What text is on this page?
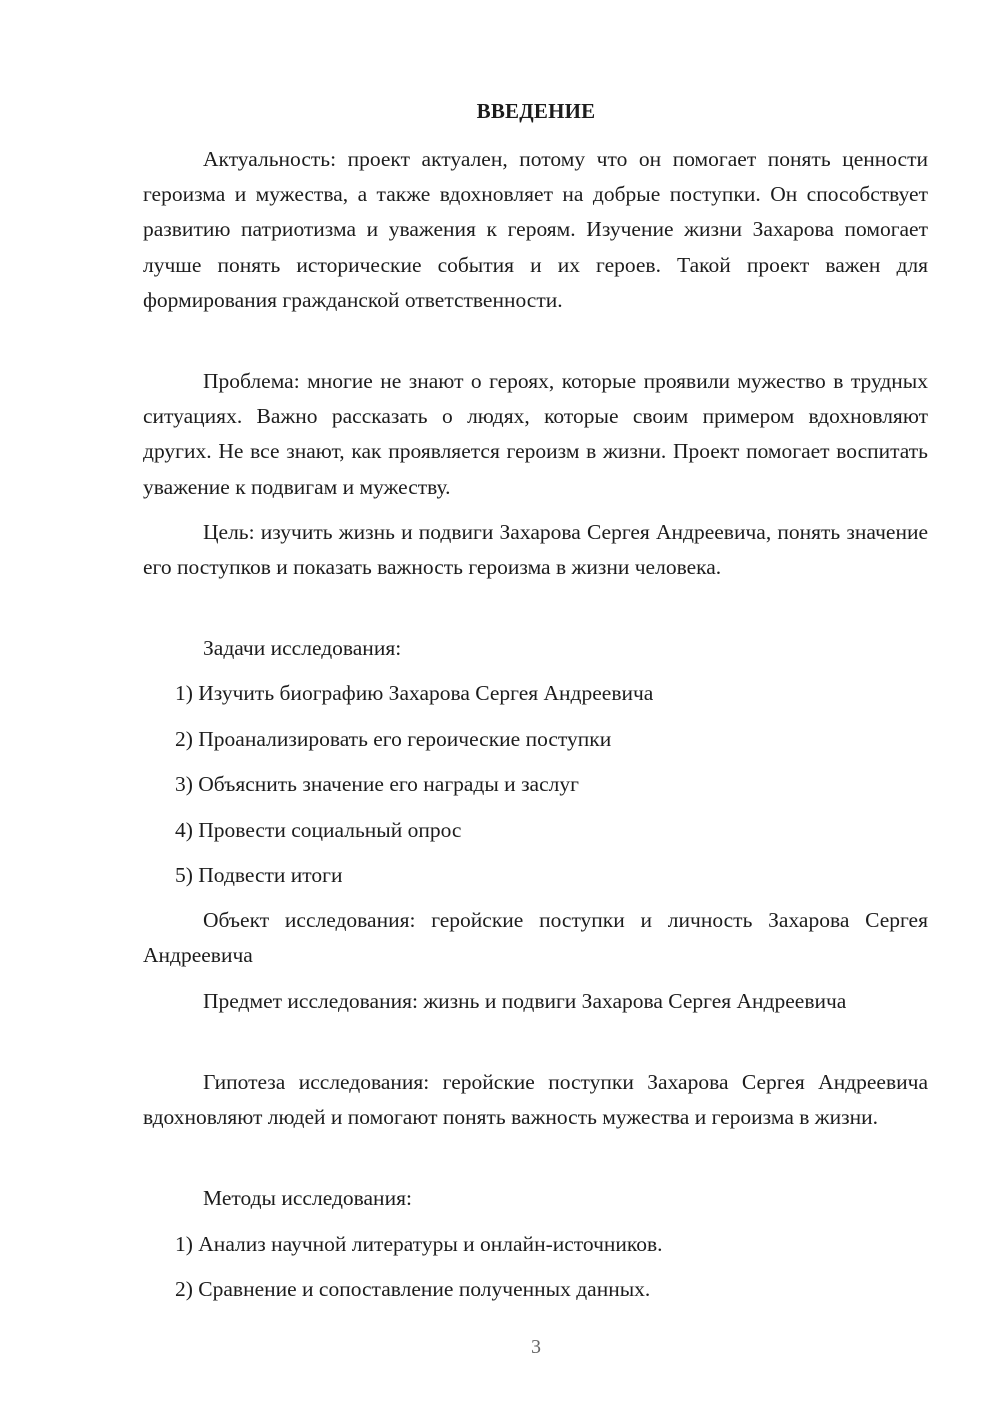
ВВЕДЕНИЕ

Актуальность: проект актуален, потому что он помогает понять ценности героизма и мужества, а также вдохновляет на добрые поступки. Он способствует развитию патриотизма и уважения к героям. Изучение жизни Захарова помогает лучше понять исторические события и их героев. Такой проект важен для формирования гражданской ответственности.

Проблема: многие не знают о героях, которые проявили мужество в трудных ситуациях. Важно рассказать о людях, которые своим примером вдохновляют других. Не все знают, как проявляется героизм в жизни. Проект помогает воспитать уважение к подвигам и мужеству.

Цель: изучить жизнь и подвиги Захарова Сергея Андреевича, понять значение его поступков и показать важность героизма в жизни человека.

Задачи исследования:

1) Изучить биографию Захарова Сергея Андреевича

2) Проанализировать его героические поступки

3) Объяснить значение его награды и заслуг

4) Провести социальный опрос

5) Подвести итоги

Объект исследования: геройские поступки и личность Захарова Сергея Андреевича

Предмет исследования: жизнь и подвиги Захарова Сергея Андреевича

Гипотеза исследования: геройские поступки Захарова Сергея Андреевича вдохновляют людей и помогают понять важность мужества и героизма в жизни.

Методы исследования:

1) Анализ научной литературы и онлайн-источников.

2) Сравнение и сопоставление полученных данных.

3
